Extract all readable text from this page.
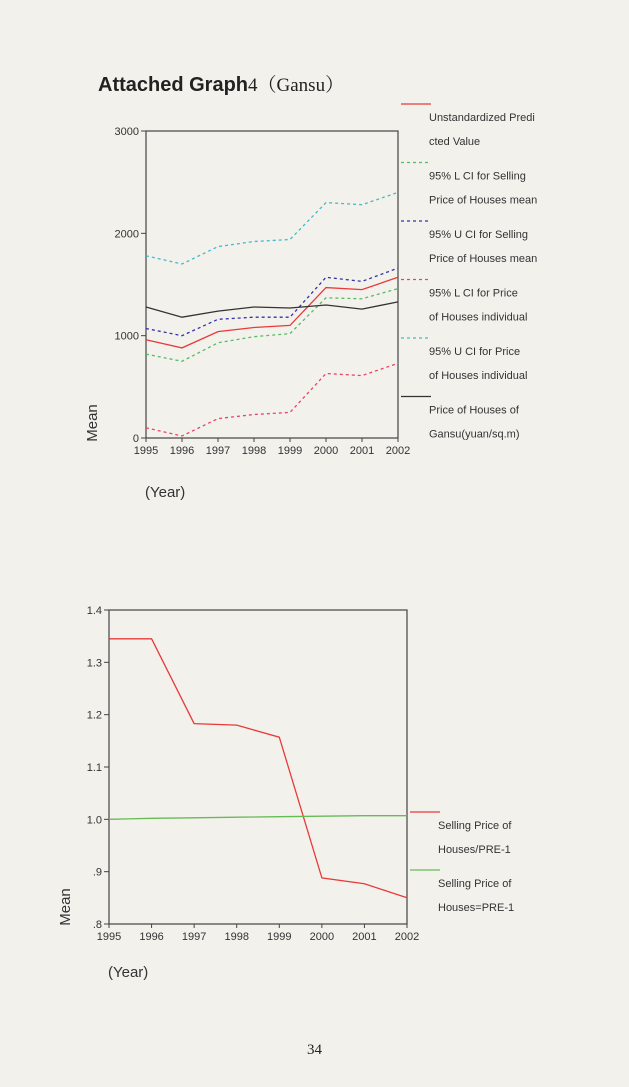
Attached Graph4（Gansu）
0
1000
2000
3000
1995 1996 1997 1998 1999 2000 2001 2002
(Year)
Mean
Unstandardized Predi
cted Value
95% L CI for Selling
Price of Houses mean
95% U CI for Selling
Price of Houses mean
95% L CI for Price
of Houses individual
95% U CI for Price
of Houses individual
Price of Houses of
Gansu(yuan/sq.m)
.8
.9
1.0
1.1
1.2
1.3
1.4
1995 1996 1997 1998 1999 2000 2001 2002
(Year)
Mean
Selling Price of
Houses/PRE-1
Selling Price of
Houses=PRE-1
34
